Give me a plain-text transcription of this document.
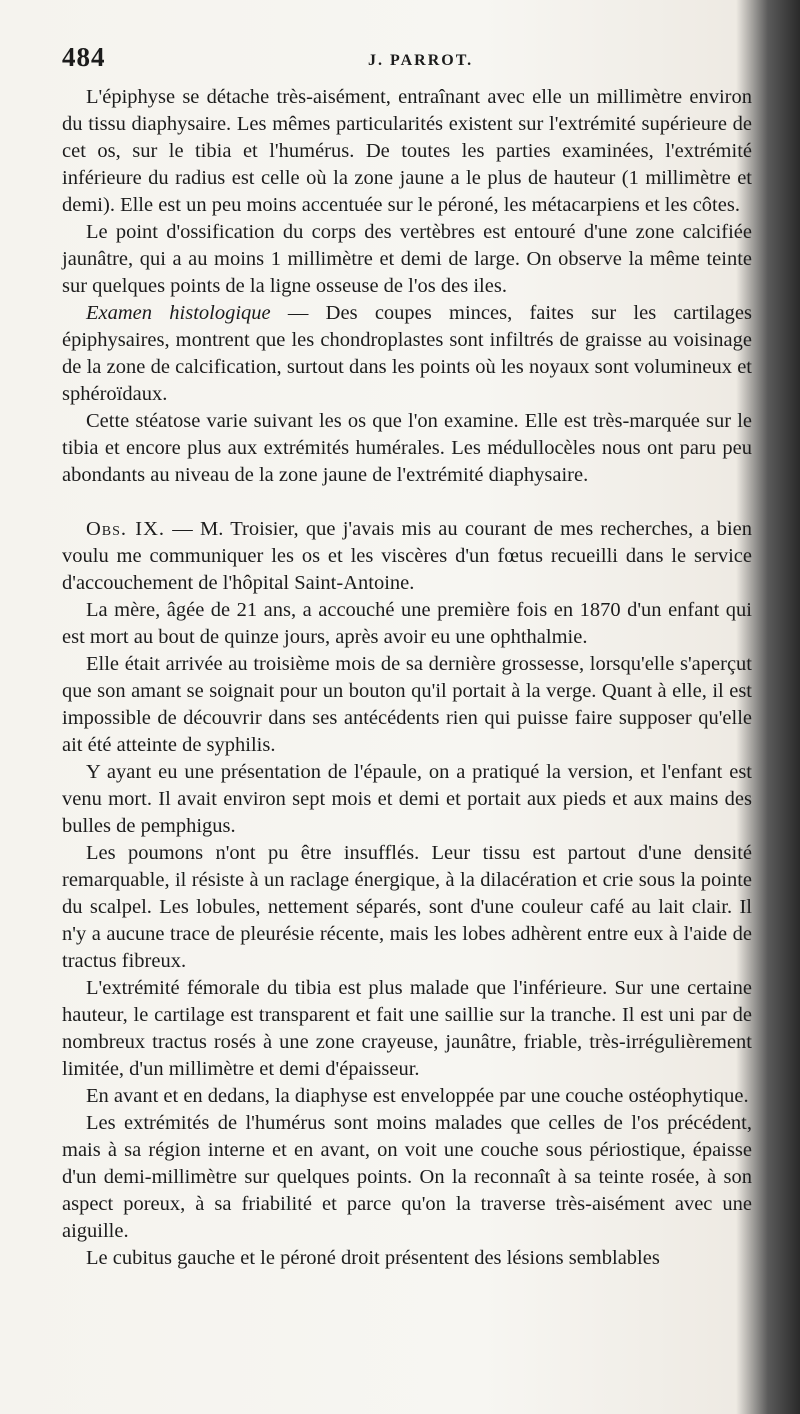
484	J. PARROT.

L'épiphyse se détache très-aisément, entraînant avec elle un millimètre environ du tissu diaphysaire. Les mêmes particularités existent sur l'extrémité supérieure de cet os, sur le tibia et l'humérus. De toutes les parties examinées, l'extrémité inférieure du radius est celle où la zone jaune a le plus de hauteur (1 millimètre et demi). Elle est un peu moins accentuée sur le péroné, les métacarpiens et les côtes.

Le point d'ossification du corps des vertèbres est entouré d'une zone calcifiée jaunâtre, qui a au moins 1 millimètre et demi de large. On observe la même teinte sur quelques points de la ligne osseuse de l'os des iles.

Examen histologique — Des coupes minces, faites sur les cartilages épiphysaires, montrent que les chondroplastes sont infiltrés de graisse au voisinage de la zone de calcification, surtout dans les points où les noyaux sont volumineux et sphéroïdaux.

Cette stéatose varie suivant les os que l'on examine. Elle est très-marquée sur le tibia et encore plus aux extrémités humérales. Les médullocèles nous ont paru peu abondants au niveau de la zone jaune de l'extrémité diaphysaire.

Obs. IX. — M. Troisier, que j'avais mis au courant de mes recherches, a bien voulu me communiquer les os et les viscères d'un fœtus recueilli dans le service d'accouchement de l'hôpital Saint-Antoine.

La mère, âgée de 21 ans, a accouché une première fois en 1870 d'un enfant qui est mort au bout de quinze jours, après avoir eu une ophthalmie.

Elle était arrivée au troisième mois de sa dernière grossesse, lorsqu'elle s'aperçut que son amant se soignait pour un bouton qu'il portait à la verge. Quant à elle, il est impossible de découvrir dans ses antécédents rien qui puisse faire supposer qu'elle ait été atteinte de syphilis.

Y ayant eu une présentation de l'épaule, on a pratiqué la version, et l'enfant est venu mort. Il avait environ sept mois et demi et portait aux pieds et aux mains des bulles de pemphigus.

Les poumons n'ont pu être insufflés. Leur tissu est partout d'une densité remarquable, il résiste à un raclage énergique, à la dilacération et crie sous la pointe du scalpel. Les lobules, nettement séparés, sont d'une couleur café au lait clair. Il n'y a aucune trace de pleurésie récente, mais les lobes adhèrent entre eux à l'aide de tractus fibreux.

L'extrémité fémorale du tibia est plus malade que l'inférieure. Sur une certaine hauteur, le cartilage est transparent et fait une saillie sur la tranche. Il est uni par de nombreux tractus rosés à une zone crayeuse, jaunâtre, friable, très-irrégulièrement limitée, d'un millimètre et demi d'épaisseur.

En avant et en dedans, la diaphyse est enveloppée par une couche ostéophytique.

Les extrémités de l'humérus sont moins malades que celles de l'os précédent, mais à sa région interne et en avant, on voit une couche sous périostique, épaisse d'un demi-millimètre sur quelques points. On la reconnaît à sa teinte rosée, à son aspect poreux, à sa friabilité et parce qu'on la traverse très-aisément avec une aiguille.

Le cubitus gauche et le péroné droit présentent des lésions semblables
